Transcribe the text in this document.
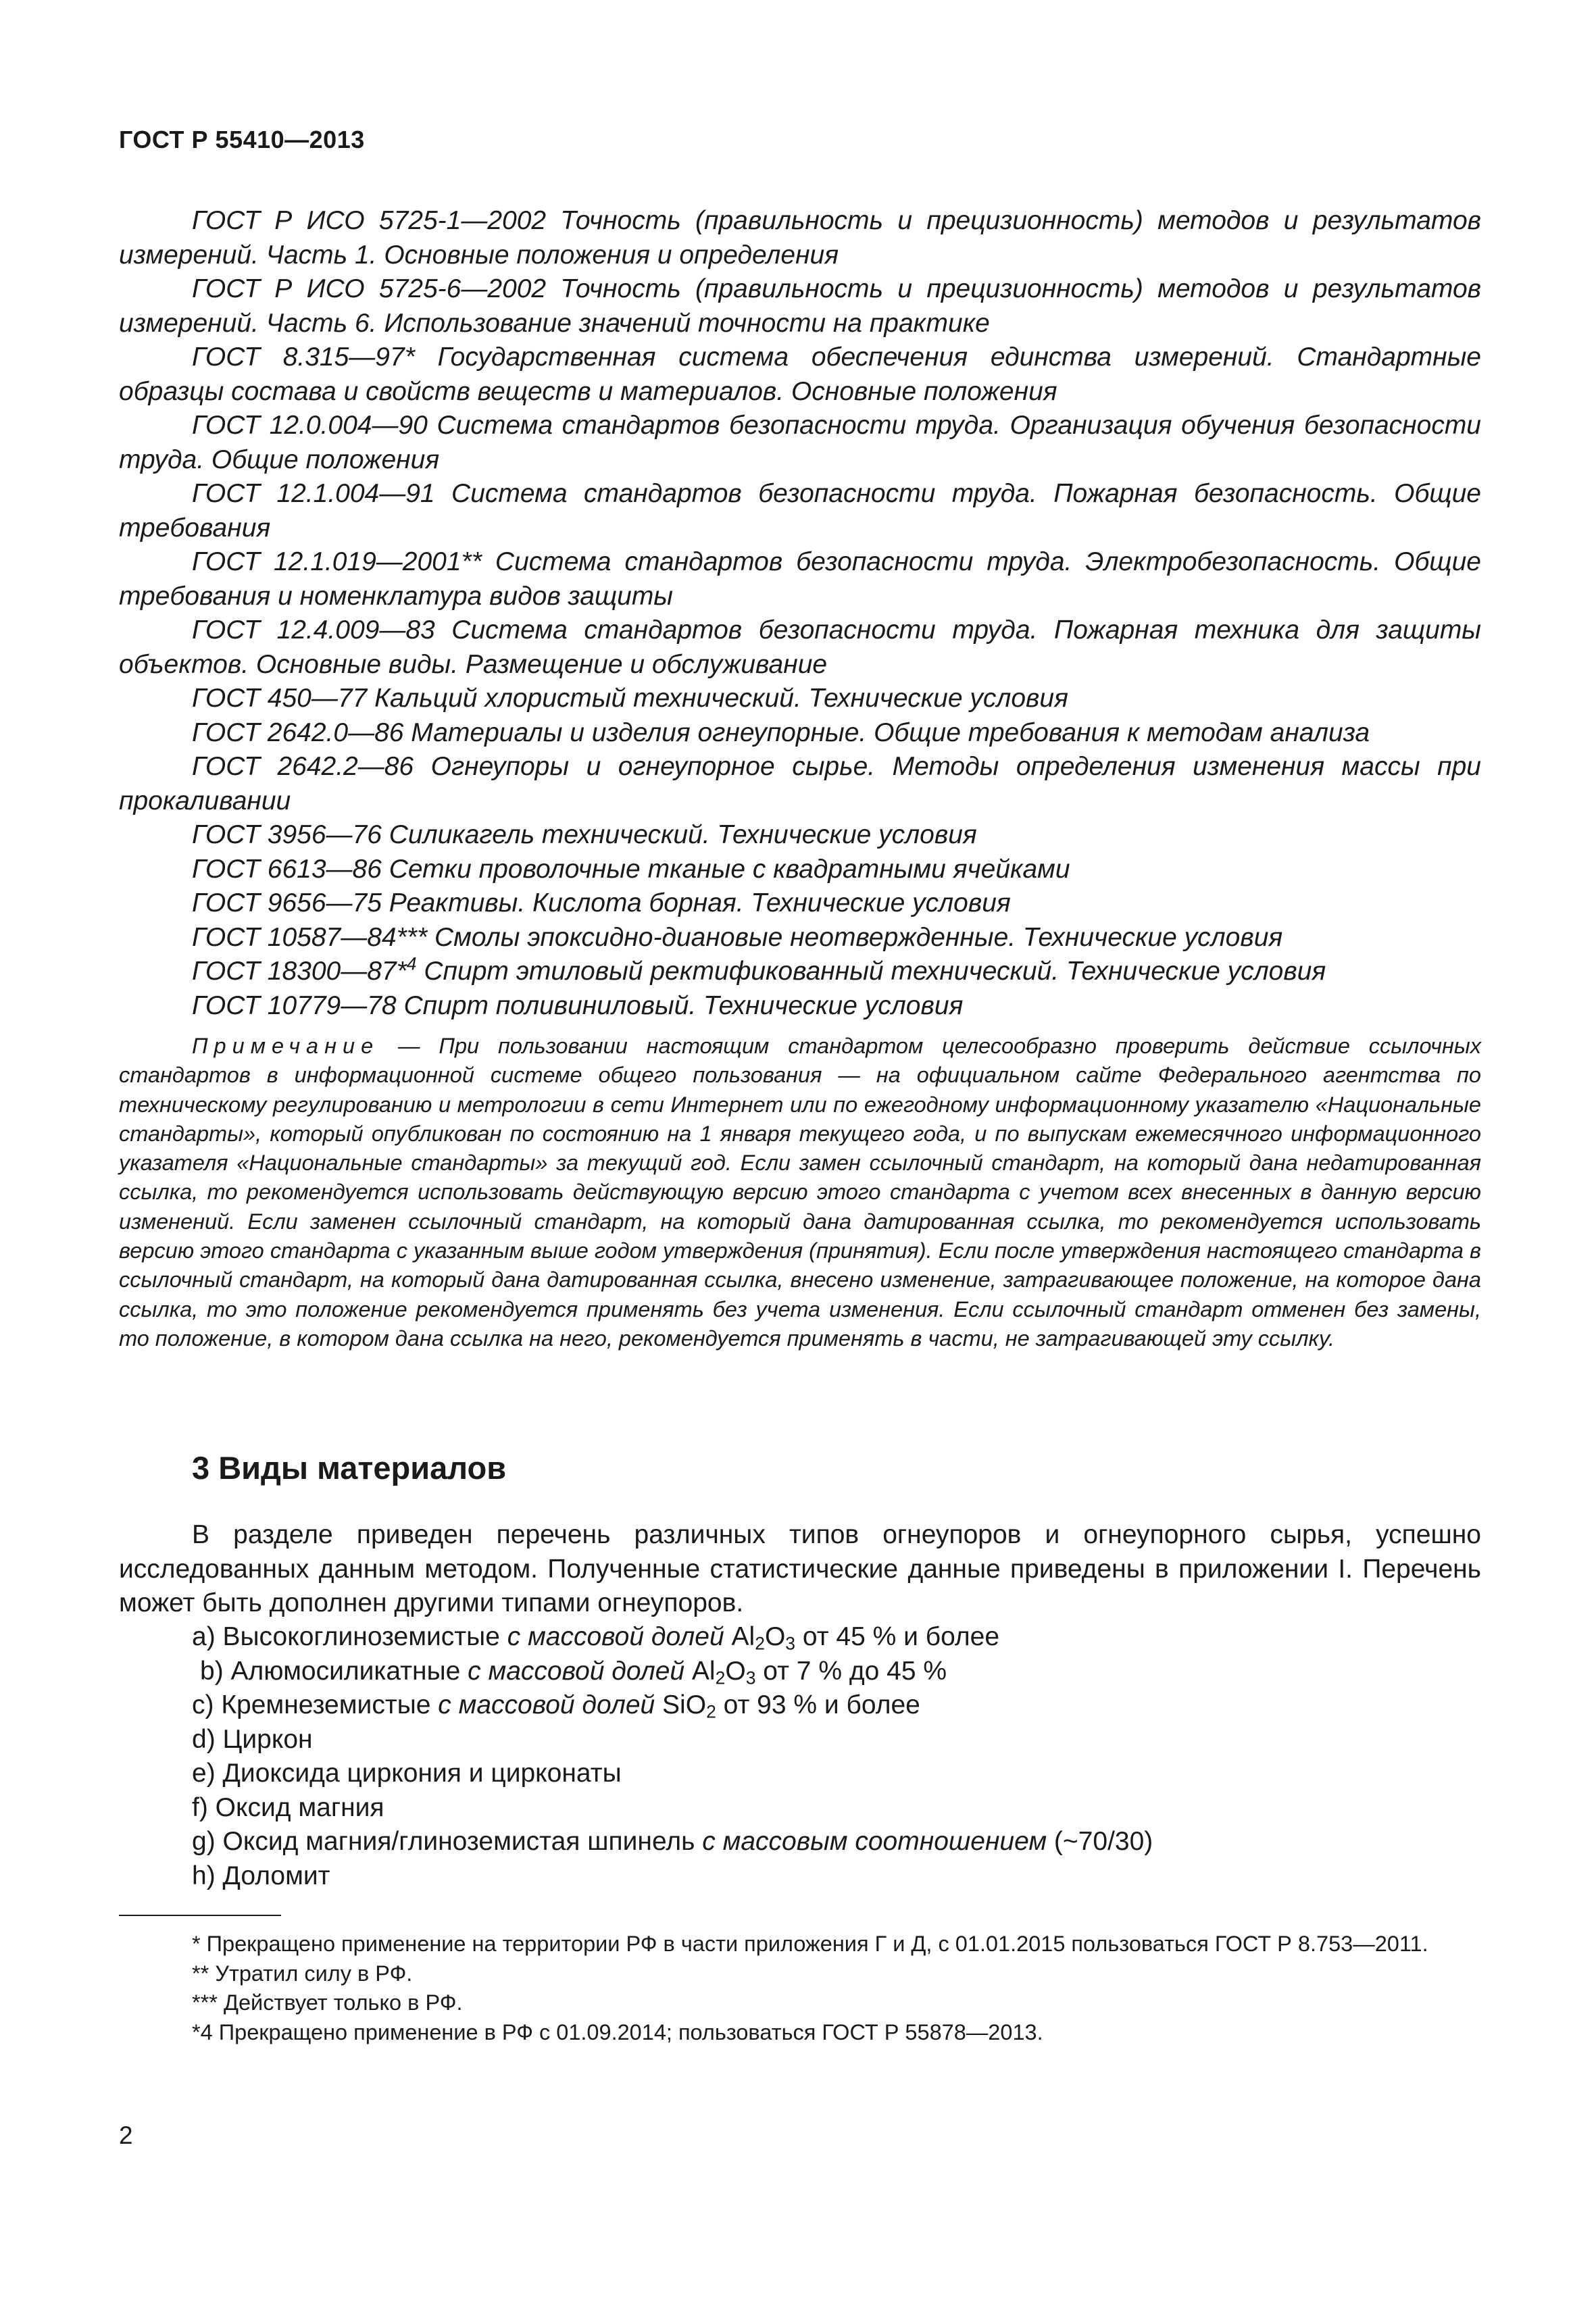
ГОСТ Р 55410—2013

ГОСТ Р ИСО 5725-1—2002 Точность (правильность и прецизионность) методов и результатов измерений. Часть 1. Основные положения и определения

ГОСТ Р ИСО 5725-6—2002 Точность (правильность и прецизионность) методов и результатов измерений. Часть 6. Использование значений точности на практике

ГОСТ 8.315—97* Государственная система обеспечения единства измерений. Стандартные образцы состава и свойств веществ и материалов. Основные положения

ГОСТ 12.0.004—90 Система стандартов безопасности труда. Организация обучения безопасности труда. Общие положения

ГОСТ 12.1.004—91 Система стандартов безопасности труда. Пожарная безопасность. Общие требования

ГОСТ 12.1.019—2001** Система стандартов безопасности труда. Электробезопасность. Общие требования и номенклатура видов защиты

ГОСТ 12.4.009—83 Система стандартов безопасности труда. Пожарная техника для защиты объектов. Основные виды. Размещение и обслуживание

ГОСТ 450—77 Кальций хлористый технический. Технические условия

ГОСТ 2642.0—86 Материалы и изделия огнеупорные. Общие требования к методам анализа

ГОСТ 2642.2—86 Огнеупоры и огнеупорное сырье. Методы определения изменения массы при прокаливании

ГОСТ 3956—76 Силикагель технический. Технические условия

ГОСТ 6613—86 Сетки проволочные тканые с квадратными ячейками

ГОСТ 9656—75 Реактивы. Кислота борная. Технические условия

ГОСТ 10587—84*** Смолы эпоксидно-диановые неотвержденные. Технические условия

ГОСТ 18300—87*$^4$ Спирт этиловый ректификованный технический. Технические условия

ГОСТ 10779—78 Спирт поливиниловый. Технические условия

Примечание — При пользовании настоящим стандартом целесообразно проверить действие ссылочных стандартов в информационной системе общего пользования — на официальном сайте Федерального агентства по техническому регулированию и метрологии в сети Интернет или по ежегодному информационному указателю «Национальные стандарты», который опубликован по состоянию на 1 января текущего года, и по выпускам ежемесячного информационного указателя «Национальные стандарты» за текущий год. Если замен ссылочный стандарт, на который дана недатированная ссылка, то рекомендуется использовать действующую версию этого стандарта с учетом всех внесенных в данную версию изменений. Если заменен ссылочный стандарт, на который дана датированная ссылка, то рекомендуется использовать версию этого стандарта с указанным выше годом утверждения (принятия). Если после утверждения настоящего стандарта в ссылочный стандарт, на который дана датированная ссылка, внесено изменение, затрагивающее положение, на которое дана ссылка, то это положение рекомендуется применять без учета изменения. Если ссылочный стандарт отменен без замены, то положение, в котором дана ссылка на него, рекомендуется применять в части, не затрагивающей эту ссылку.

3 Виды материалов

В разделе приведен перечень различных типов огнеупоров и огнеупорного сырья, успешно исследованных данным методом. Полученные статистические данные приведены в приложении I. Перечень может быть дополнен другими типами огнеупоров.

а) Высокоглиноземистые с массовой долей $Al_2O_3$ от 45 % и более
b) Алюмосиликатные с массовой долей $Al_2O_3$ от 7 % до 45 %
с) Кремнеземистые с массовой долей SiO$_2$ от 93 % и более
d) Циркон
е) Диоксида циркония и цирконаты
f) Оксид магния
g) Оксид магния/глиноземистая шпинель с массовым соотношением (~70/30)
h) Доломит

* Прекращено применение на территории РФ в части приложения Г и Д, с 01.01.2015 пользоваться ГОСТ Р 8.753—2011.

** Утратил силу в РФ.

*** Действует только в РФ.

*4 Прекращено применение в РФ с 01.09.2014; пользоваться ГОСТ Р 55878—2013.

2
